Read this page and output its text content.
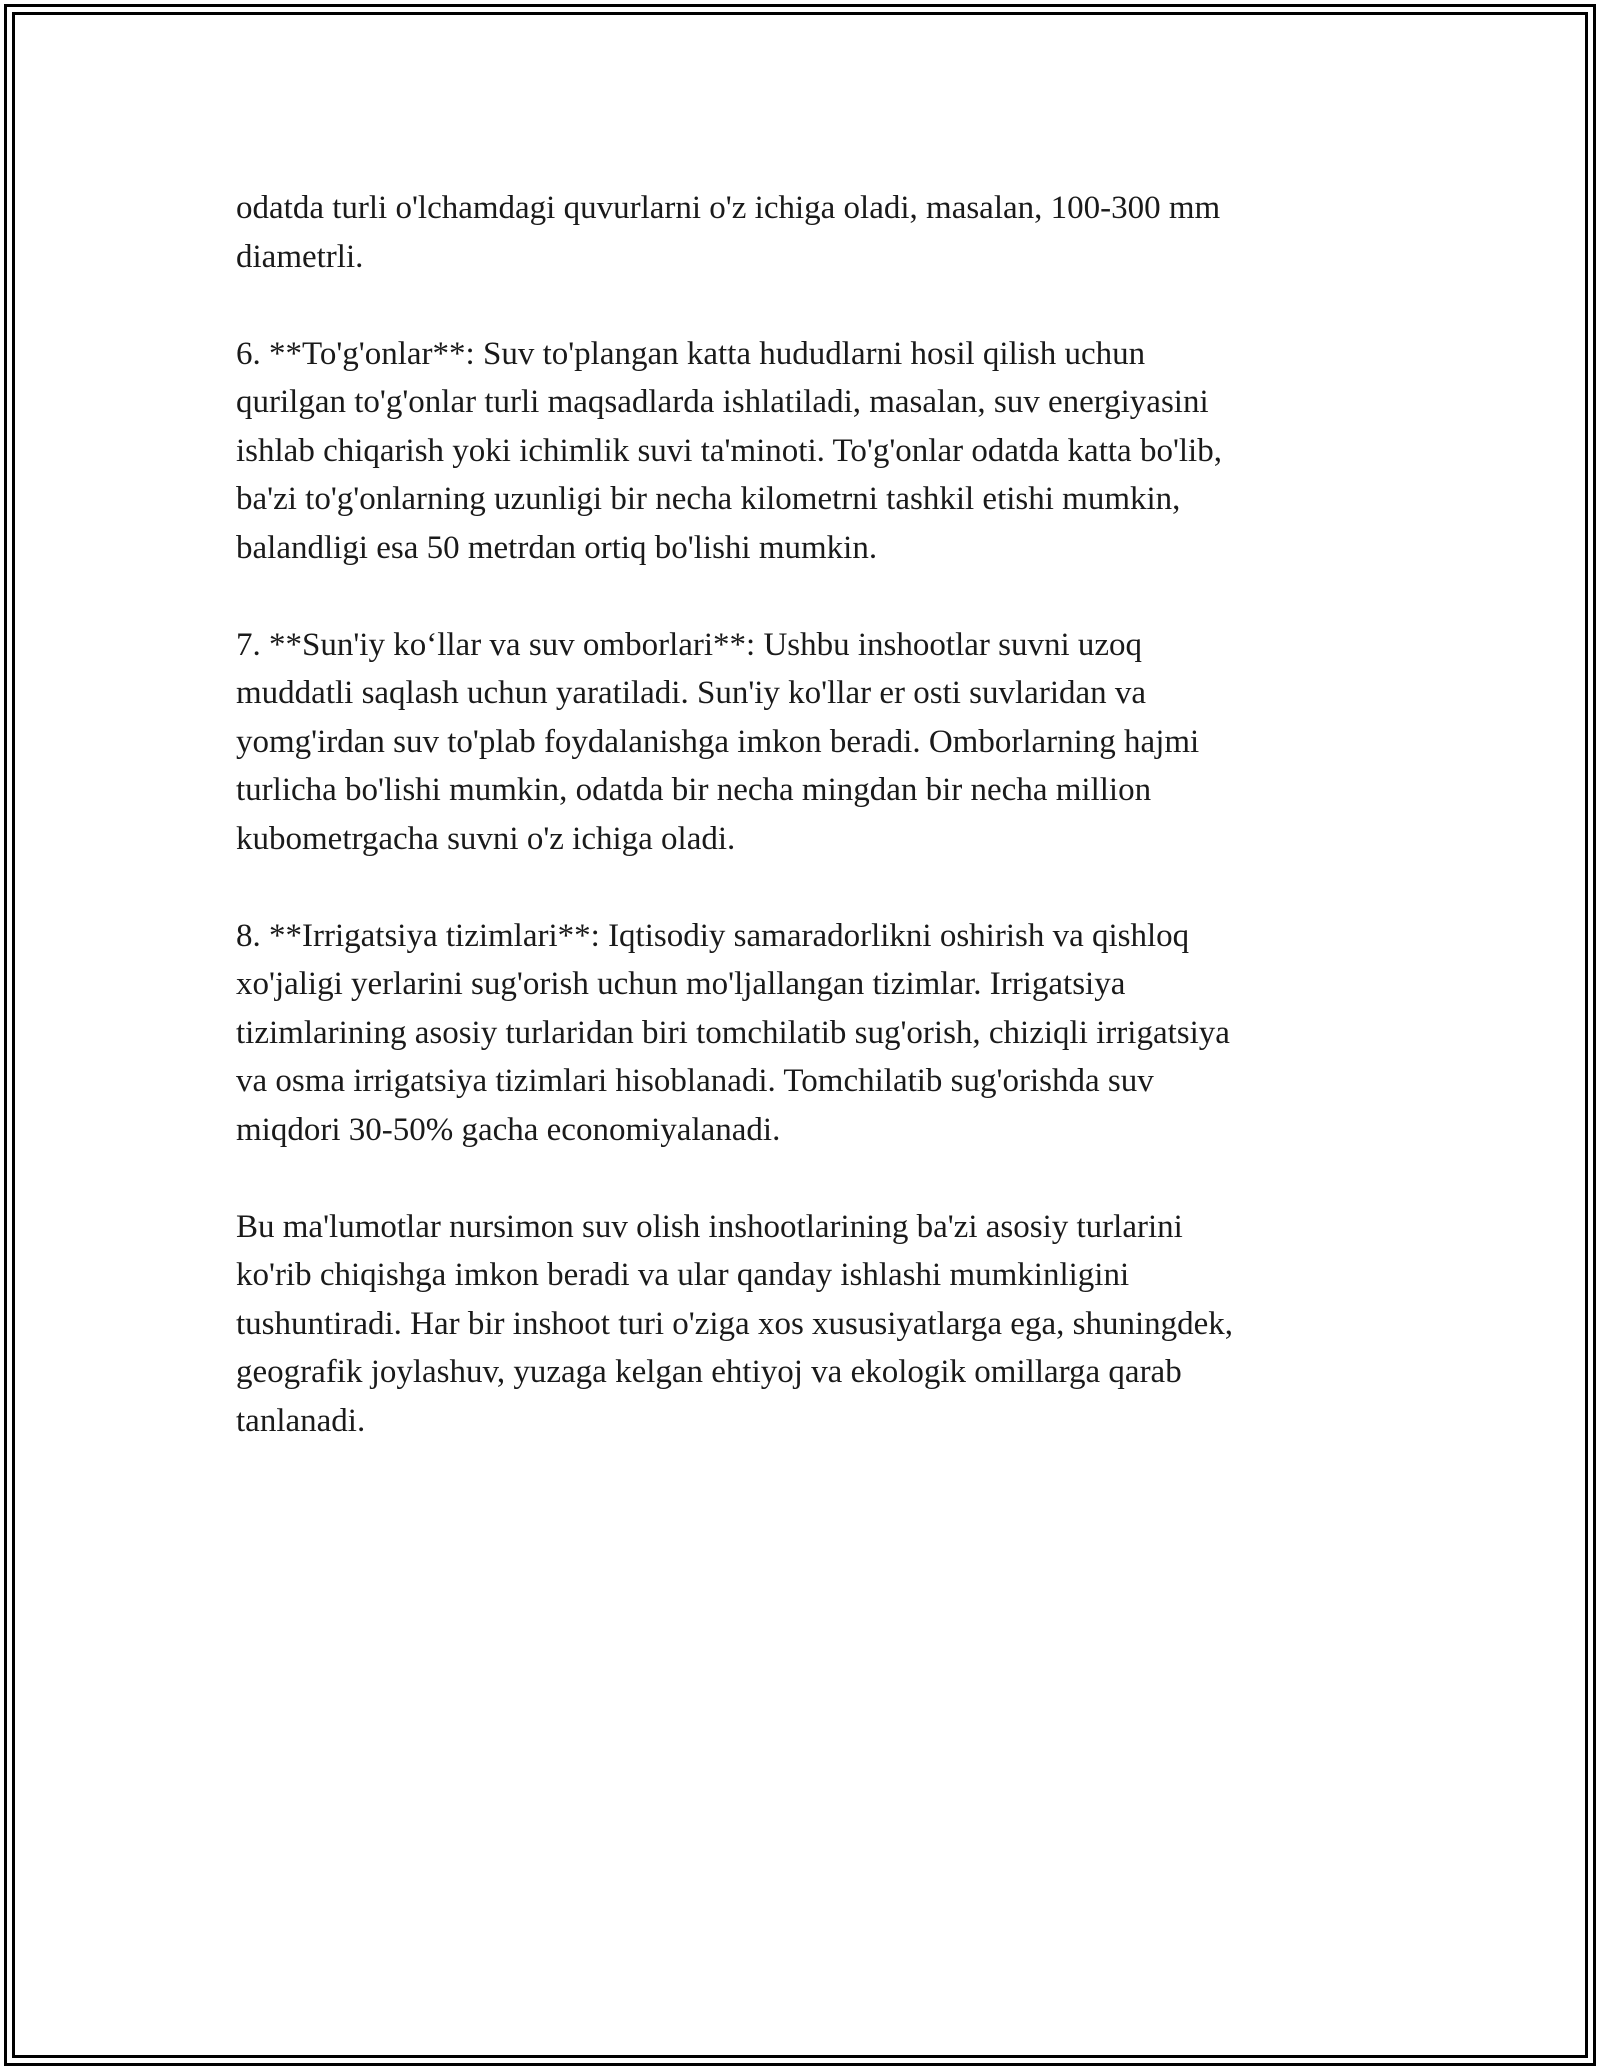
odatda turli o'lchamdagi quvurlarni o'z ichiga oladi, masalan, 100-300 mm
diametrli.

6. **To'g'onlar**: Suv to'plangan katta hududlarni hosil qilish uchun
qurilgan to'g'onlar turli maqsadlarda ishlatiladi, masalan, suv energiyasini
ishlab chiqarish yoki ichimlik suvi ta'minoti. To'g'onlar odatda katta bo'lib,
ba'zi to'g'onlarning uzunligi bir necha kilometrni tashkil etishi mumkin,
balandligi esa 50 metrdan ortiq bo'lishi mumkin.

7. **Sun'iy ko‘llar va suv omborlari**: Ushbu inshootlar suvni uzoq
muddatli saqlash uchun yaratiladi. Sun'iy ko'llar er osti suvlaridan va
yomg'irdan suv to'plab foydalanishga imkon beradi. Omborlarning hajmi
turlicha bo'lishi mumkin, odatda bir necha mingdan bir necha million
kubometrgacha suvni o'z ichiga oladi.

8. **Irrigatsiya tizimlari**: Iqtisodiy samaradorlikni oshirish va qishloq
xo'jaligi yerlarini sug'orish uchun mo'ljallangan tizimlar. Irrigatsiya
tizimlarining asosiy turlaridan biri tomchilatib sug'orish, chiziqli irrigatsiya
va osma irrigatsiya tizimlari hisoblanadi. Tomchilatib sug'orishda suv
miqdori 30-50% gacha economiyalanadi.

Bu ma'lumotlar nursimon suv olish inshootlarining ba'zi asosiy turlarini
ko'rib chiqishga imkon beradi va ular qanday ishlashi mumkinligini
tushuntiradi. Har bir inshoot turi o'ziga xos xususiyatlarga ega, shuningdek,
geografik joylashuv, yuzaga kelgan ehtiyoj va ekologik omillarga qarab
tanlanadi.
